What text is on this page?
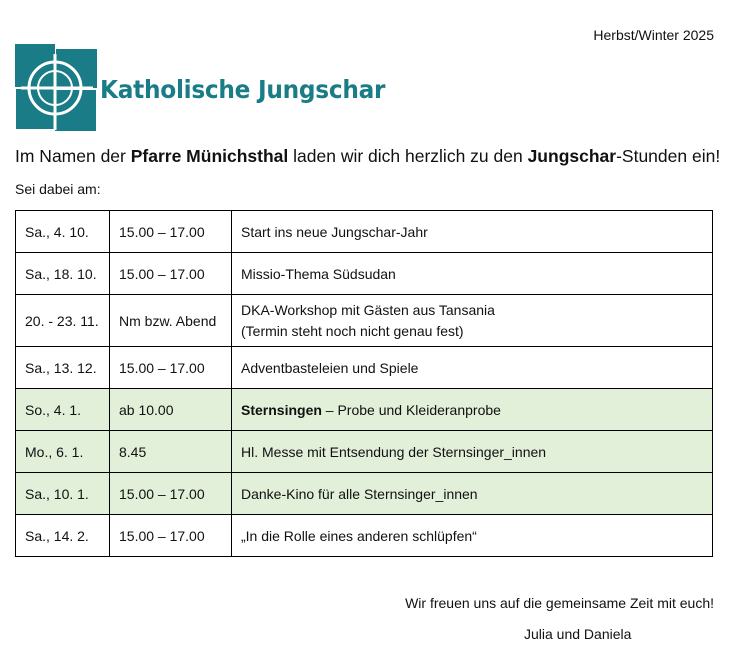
Herbst/Winter 2025
Katholische Jungschar
Im Namen der Pfarre Münichsthal laden wir dich herzlich zu den Jungschar-Stunden ein!
Sei dabei am:
Sa., 4. 10.	15.00 – 17.00	Start ins neue Jungschar-Jahr
Sa., 18. 10.	15.00 – 17.00	Missio-Thema Südsudan
20. - 23. 11.	Nm bzw. Abend	DKA-Workshop mit Gästen aus Tansania
(Termin steht noch nicht genau fest)

Sa., 13. 12.	15.00 – 17.00	Adventbasteleien und Spiele
So., 4. 1.	ab 10.00	Sternsingen – Probe und Kleideranprobe
Mo., 6. 1.	8.45	Hl. Messe mit Entsendung der Sternsinger_innen
Sa., 10. 1.	15.00 – 17.00	Danke-Kino für alle Sternsinger_innen
Sa., 14. 2.	15.00 – 17.00	„In die Rolle eines anderen schlüpfen“
Wir freuen uns auf die gemeinsame Zeit mit euch!
Julia und Daniela
